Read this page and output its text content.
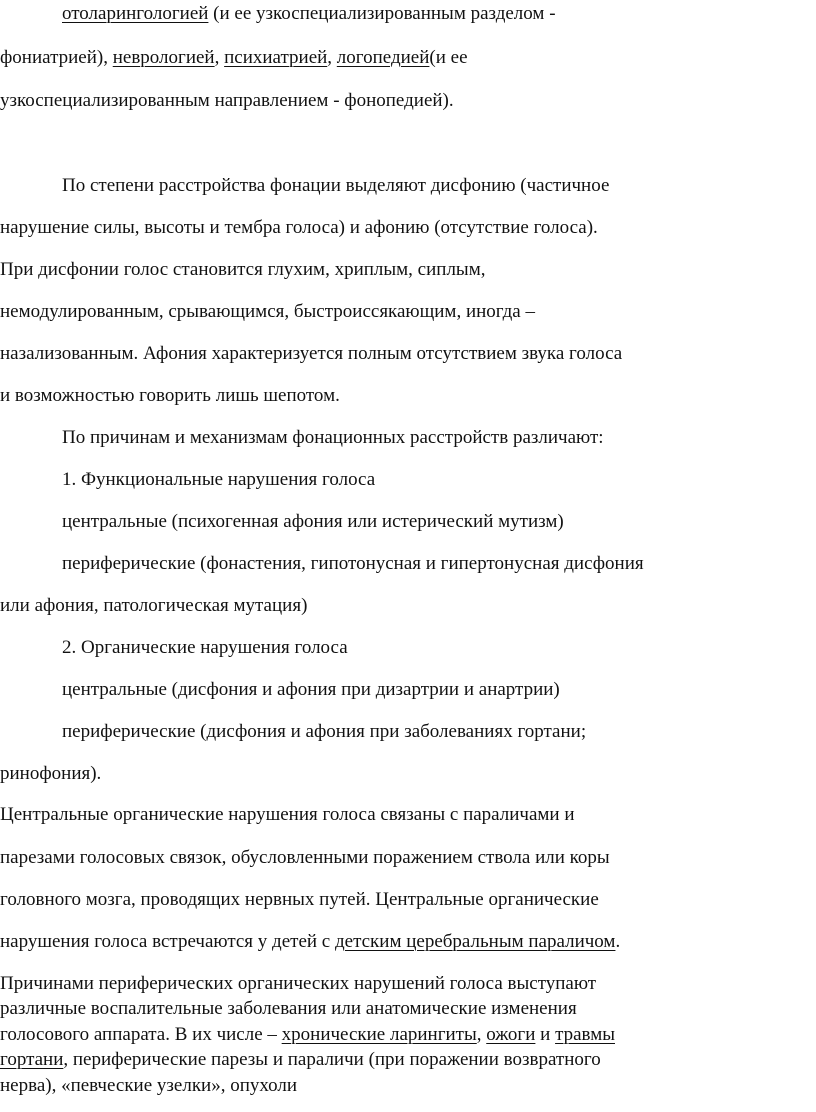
отоларингологией (и ее узкоспециализированным разделом -
фониатрией), неврологией, психиатрией, логопедией(и ее
узкоспециализированным направлением - фонопедией).
По степени расстройства фонации выделяют дисфонию (частичное
нарушение силы, высоты и тембра голоса) и афонию (отсутствие голоса).
При дисфонии голос становится глухим, хриплым, сиплым,
немодулированным, срывающимся, быстроиссякающим, иногда –
назализованным. Афония характеризуется полным отсутствием звука голоса
и возможностью говорить лишь шепотом.
По причинам и механизмам фонационных расстройств различают:
1. Функциональные нарушения голоса
центральные (психогенная афония или истерический мутизм)
периферические (фонастения, гипотонусная и гипертонусная дисфония
или афония, патологическая мутация)
2. Органические нарушения голоса
центральные (дисфония и афония при дизартрии и анартрии)
периферические (дисфония и афония при заболеваниях гортани;
ринофония).
Центральные органические нарушения голоса связаны с параличами и
парезами голосовых связок, обусловленными поражением ствола или коры
головного мозга, проводящих нервных путей. Центральные органические
нарушения голоса встречаются у детей с детским церебральным параличом.
Причинами периферических органических нарушений голоса выступают
различные воспалительные заболевания или анатомические изменения
голосового аппарата. В их числе – хронические ларингиты, ожоги и травмы
гортани, периферические парезы и параличи (при поражении возвратного
нерва), «певческие узелки», опухоли
